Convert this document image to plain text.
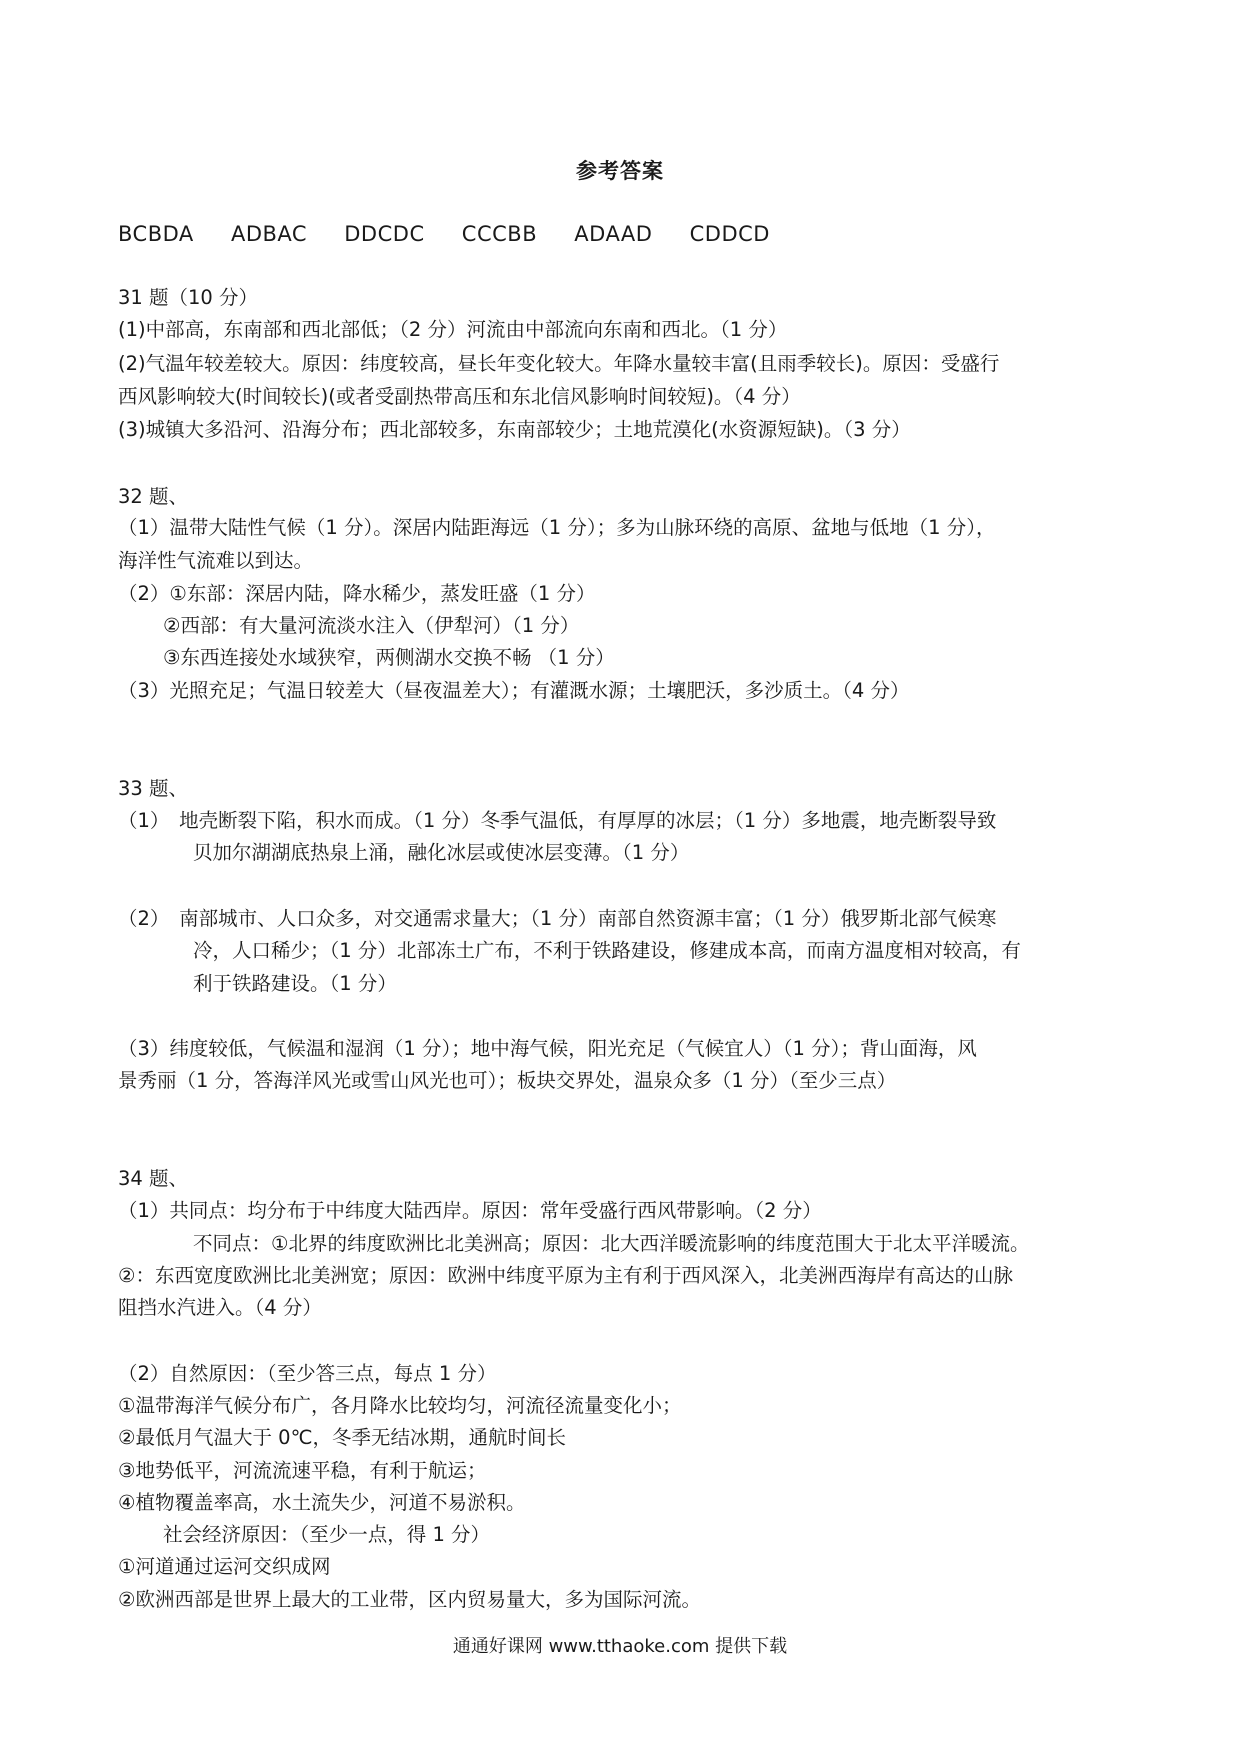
参考答案
BCBDA ADBAC DDCDC CCCBB ADAAD CDDCD
31 题（10 分）
(1)中部高，东南部和西北部低；（2 分）河流由中部流向东南和西北。（1 分）
(2)气温年较差较大。原因：纬度较高，昼长年变化较大。年降水量较丰富(且雨季较长)。原因：受盛行
西风影响较大(时间较长)(或者受副热带高压和东北信风影响时间较短)。（4 分）
(3)城镇大多沿河、沿海分布；西北部较多，东南部较少；土地荒漠化(水资源短缺)。（3 分）
32 题、
（1）温带大陆性气候（1 分）。深居内陆距海远（1 分）；多为山脉环绕的高原、盆地与低地（1 分），
海洋性气流难以到达。
（2）①东部：深居内陆，降水稀少，蒸发旺盛（1 分）
②西部：有大量河流淡水注入（伊犁河）（1 分）
③东西连接处水域狭窄，两侧湖水交换不畅 （1 分）
（3）光照充足；气温日较差大（昼夜温差大）；有灌溉水源；土壤肥沃，多沙质土。（4 分）
33 题、
（1）　地壳断裂下陷，积水而成。（1 分）冬季气温低，有厚厚的冰层；（1 分）多地震，地壳断裂导致
贝加尔湖湖底热泉上涌，融化冰层或使冰层变薄。（1 分）
（2）　南部城市、人口众多，对交通需求量大；（1 分）南部自然资源丰富；（1 分）俄罗斯北部气候寒
冷，人口稀少；（1 分）北部冻土广布，不利于铁路建设，修建成本高，而南方温度相对较高，有
利于铁路建设。（1 分）
（3）纬度较低，气候温和湿润（1 分）；地中海气候，阳光充足（气候宜人）（1 分）；背山面海，风
景秀丽（1 分，答海洋风光或雪山风光也可）；板块交界处，温泉众多（1 分）（至少三点）
34 题、
（1）共同点：均分布于中纬度大陆西岸。原因：常年受盛行西风带影响。（2 分）
不同点：①北界的纬度欧洲比北美洲高；原因：北大西洋暖流影响的纬度范围大于北太平洋暖流。
②：东西宽度欧洲比北美洲宽；原因：欧洲中纬度平原为主有利于西风深入，北美洲西海岸有高达的山脉
阻挡水汽进入。（4 分）
（2）自然原因：（至少答三点，每点 1 分）
①温带海洋气候分布广，各月降水比较均匀，河流径流量变化小；
②最低月气温大于 0℃，冬季无结冰期，通航时间长
③地势低平，河流流速平稳，有利于航运；
④植物覆盖率高，水土流失少，河道不易淤积。
社会经济原因：（至少一点，得 1 分）
①河道通过运河交织成网
②欧洲西部是世界上最大的工业带，区内贸易量大，多为国际河流。
通通好课网 www.tthaoke.com 提供下载
